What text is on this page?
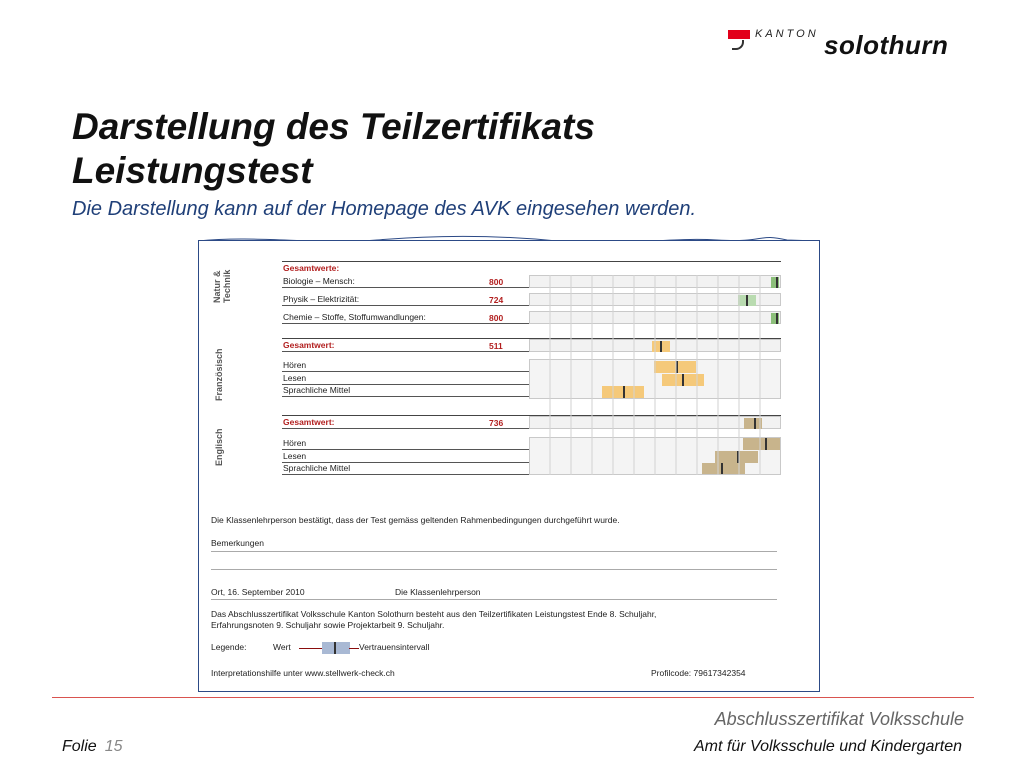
KANTON solothurn
Darstellung des Teilzertifikats
Leistungstest
Die Darstellung kann auf der Homepage des AVK eingesehen werden.
Natur &
Technik
Gesamtwerte:
Biologie – Mensch:	800
Physik – Elektrizität:	724
Chemie – Stoffe, Stoffumwandlungen:	800
Französisch
Gesamtwert:	511
Hören
Lesen
Sprachliche Mittel
Englisch
Gesamtwert:	736
Hören
Lesen
Sprachliche Mittel
Die Klassenlehrperson bestätigt, dass der Test gemäss geltenden Rahmenbedingungen durchgeführt wurde.
Bemerkungen
Ort, 16. September 2010	Die Klassenlehrperson
Das Abschlusszertifikat Volksschule Kanton Solothurn besteht aus den Teilzertifikaten Leistungstest Ende 8. Schuljahr,
Erfahrungsnoten 9. Schuljahr sowie Projektarbeit 9. Schuljahr.
Legende:	Wert	Vertrauensintervall
Interpretationshilfe unter www.stellwerk-check.ch	Profilcode: 79617342354
Abschlusszertifikat Volksschule
Amt für Volksschule und Kindergarten
Folie 15
